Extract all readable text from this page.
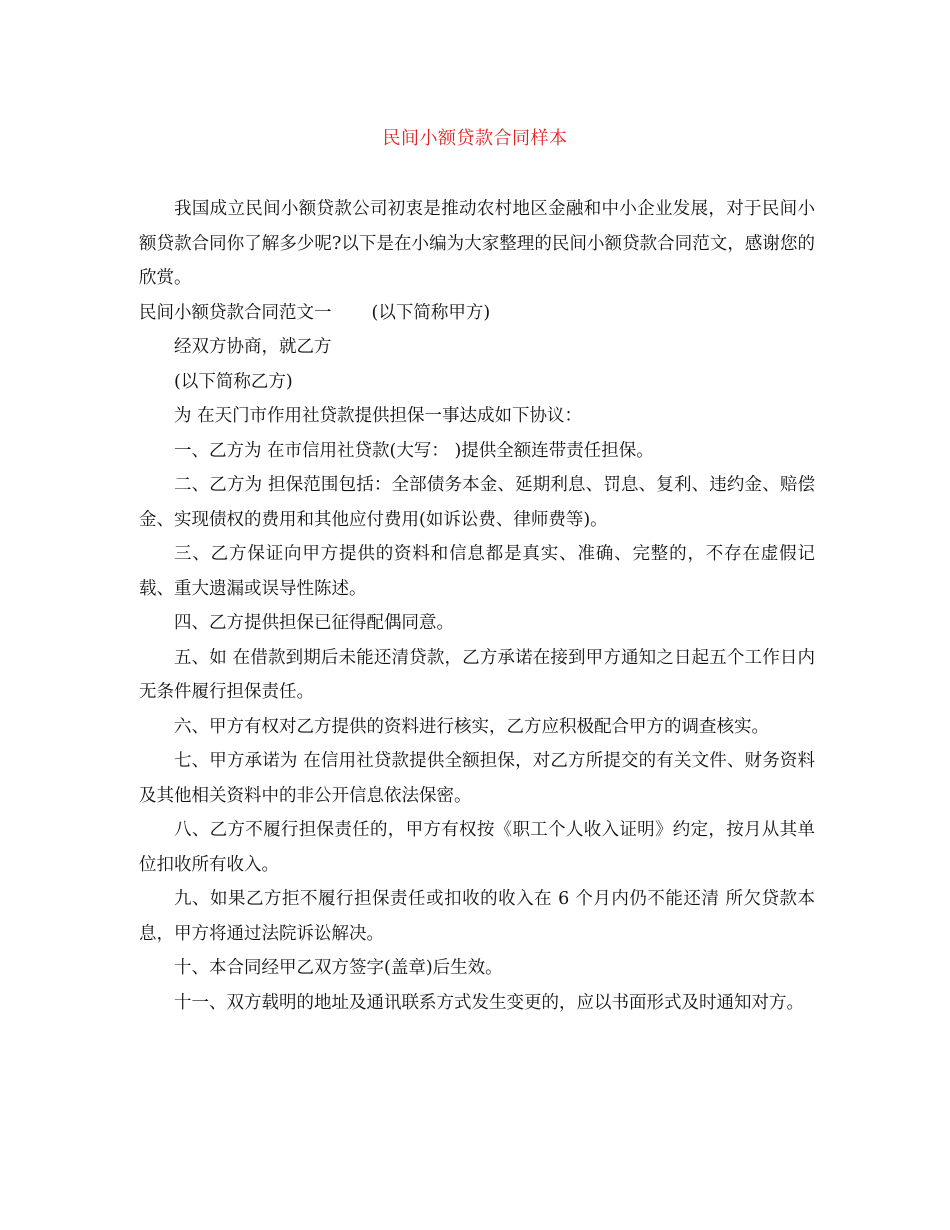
民间小额贷款合同样本

我国成立民间小额贷款公司初衷是推动农村地区金融和中小企业发展，对于民间小额贷款合同你了解多少呢?以下是在小编为大家整理的民间小额贷款合同范文，感谢您的欣赏。

民间小额贷款合同范文一 (以下简称甲方)

经双方协商，就乙方

(以下简称乙方)

为 在天门市作用社贷款提供担保一事达成如下协议：

一、乙方为 在市信用社贷款(大写： )提供全额连带责任担保。

二、乙方为 担保范围包括：全部债务本金、延期利息、罚息、复利、违约金、赔偿金、实现债权的费用和其他应付费用(如诉讼费、律师费等)。

三、乙方保证向甲方提供的资料和信息都是真实、准确、完整的，不存在虚假记载、重大遗漏或误导性陈述。

四、乙方提供担保已征得配偶同意。

五、如 在借款到期后未能还清贷款，乙方承诺在接到甲方通知之日起五个工作日内无条件履行担保责任。

六、甲方有权对乙方提供的资料进行核实，乙方应积极配合甲方的调查核实。

七、甲方承诺为 在信用社贷款提供全额担保，对乙方所提交的有关文件、财务资料及其他相关资料中的非公开信息依法保密。

八、乙方不履行担保责任的，甲方有权按《职工个人收入证明》约定，按月从其单位扣收所有收入。

九、如果乙方拒不履行担保责任或扣收的收入在 6 个月内仍不能还清 所欠贷款本息，甲方将通过法院诉讼解决。

十、本合同经甲乙双方签字(盖章)后生效。

十一、双方载明的地址及通讯联系方式发生变更的，应以书面形式及时通知对方。
